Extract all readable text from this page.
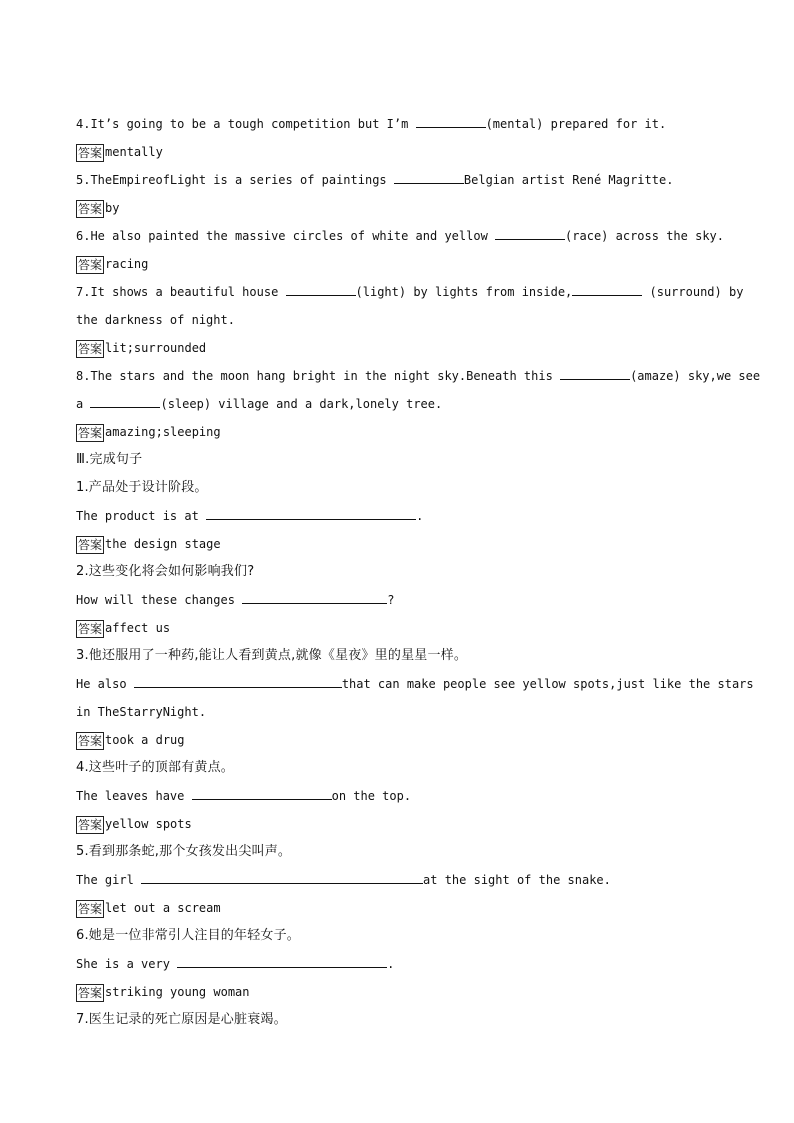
4.It’s going to be a tough competition but I’m	(mental) prepared for it.
答案 mentally
5.TheEmpireofLight is a series of paintings	Belgian artist René Magritte.
答案 by
6.He also painted the massive circles of white and yellow	(race) across the sky.
答案 racing
7.It shows a beautiful house	(light) by lights from inside,	(surround) by
the darkness of night.
答案 lit;surrounded
8.The stars and the moon hang bright in the night sky.Beneath this	(amaze) sky,we see
a	(sleep) village and a dark,lonely tree.
答案 amazing;sleeping
Ⅲ.完成句子
1.产品处于设计阶段。
The product is at	.
答案 the design stage
2.这些变化将会如何影响我们?
How will these changes	?
答案 affect us
3.他还服用了一种药,能让人看到黄点,就像《星夜》里的星星一样。
He also	that can make people see yellow spots,just like the stars
in TheStarryNight.
答案 took a drug
4.这些叶子的顶部有黄点。
The leaves have	on the top.
答案 yellow spots
5.看到那条蛇,那个女孩发出尖叫声。
The girl	at the sight of the snake.
答案 let out a scream
6.她是一位非常引人注目的年轻女子。
She is a very	.
答案 striking young woman
7.医生记录的死亡原因是心脏衰竭。
